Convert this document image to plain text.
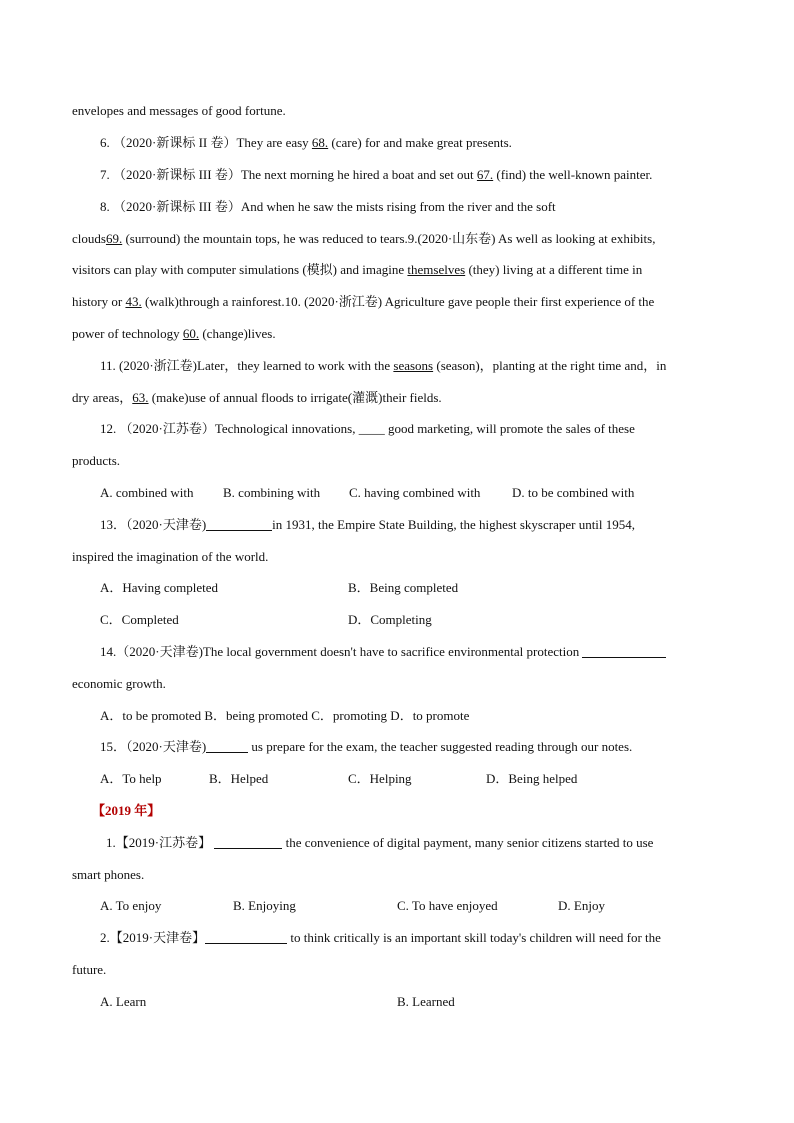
envelopes and messages of good fortune.
6. （2020·新课标 II 卷）They are easy 68. (care) for and make great presents.
7. （2020·新课标 III 卷）The next morning he hired a boat and set out 67. (find) the well-known painter.
8. （2020·新课标 III 卷）And when he saw the mists rising from the river and the soft
clouds69. (surround) the mountain tops, he was reduced to tears.9.(2020·山东卷) As well as looking at exhibits,
visitors can play with computer simulations (模拟) and imagine themselves (they) living at a different time in
history or 43. (walk)through a rainforest.10. (2020·浙江卷) Agriculture gave people their first experience of the
power of technology 60. (change)lives.
11. (2020·浙江卷)Later，they learned to work with the seasons (season)，planting at the right time and，in
dry areas，63. (make)use of annual floods to irrigate(灌溉)their fields.
12. （2020·江苏卷）Technological innovations, ____ good marketing, will promote the sales of these
products.
A. combined with B. combining with C. having combined with D. to be combined with
13．（2020·天津卷)	in 1931, the Empire State Building, the highest skyscraper until 1954,
inspired the imagination of the world.
A．Having completed	B．Being completed
C．Completed	D．Completing
14.（2020·天津卷)The local government doesn't have to sacrifice environmental protection
economic growth.
A．to be promoted B．being promoted C．promoting D．to promote
15．（2020·天津卷)	us prepare for the exam, the teacher suggested reading through our notes.
A．To help	B．Helped	C．Helping	D．Being helped
【2019 年】
1.【2019·江苏卷】	the convenience of digital payment, many senior citizens started to use
smart phones.
A. To enjoy	B. Enjoying	C. To have enjoyed	D. Enjoy
2.【2019·天津卷】	to think critically is an important skill today's children will need for the
future.
A. Learn	B. Learned
